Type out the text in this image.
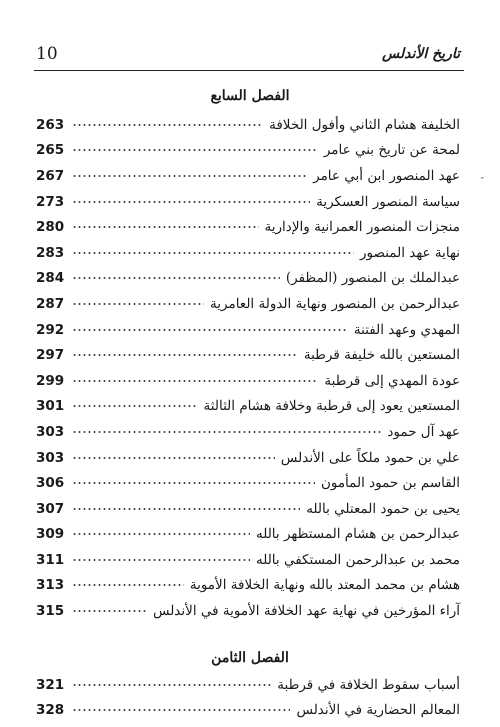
10	تاريخ الأندلس
الفصل السابع
263	الخليفة هشام الثاني وأفول الخلافة
265	لمحة عن تاريخ بني عامر
267	عهد المنصور ابن أبي عامر
273	سياسة المنصور العسكرية
280	منجزات المنصور العمرانية والإدارية
283	نهاية عهد المنصور
284	عبدالملك بن المنصور (المظفر)
287	عبدالرحمن بن المنصور ونهاية الدولة العامرية
292	المهدي وعهد الفتنة
297	المستعين بالله خليفة قرطبة
299	عودة المهدي إلى قرطبة
301	المستعين يعود إلى قرطبة وخلافة هشام الثالثة
303	عهد آل حمود
303	علي بن حمود ملكاً على الأندلس
306	القاسم بن حمود المأمون
307	يحيى بن حمود المعتلي بالله
309	عبدالرحمن بن هشام المستظهر بالله
311	محمد بن عبدالرحمن المستكفي بالله
313	هشام بن محمد المعتد بالله ونهاية الخلافة الأموية
315	آراء المؤرخين في نهاية عهد الخلافة الأموية في الأندلس
الفصل الثامن
321	أسباب سقوط الخلافة في قرطبة
328	المعالم الحضارية في الأندلس
-
